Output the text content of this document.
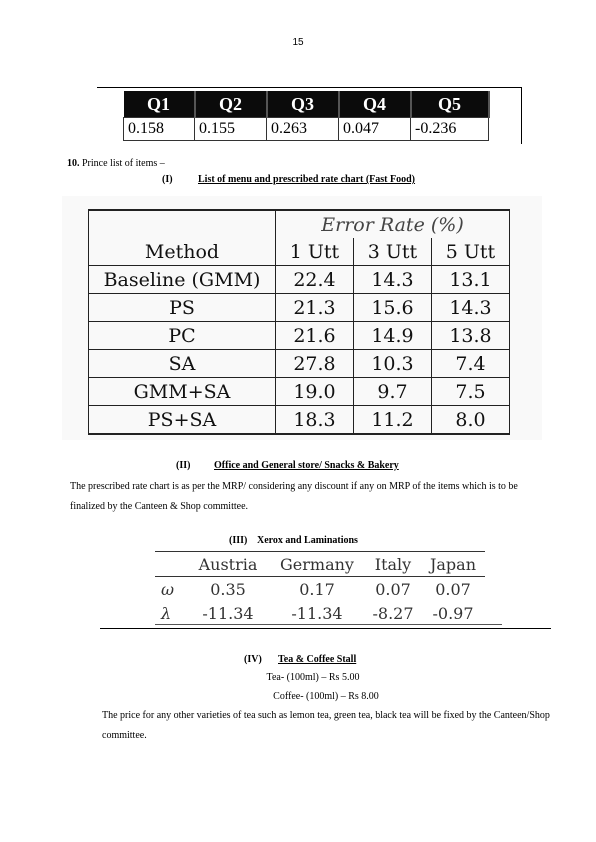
15
Q1	Q2	Q3	Q4	Q5
0.158	0.155	0.263	0.047	-0.236
10. Prince list of items –
(I)	List of menu and prescribed rate chart (Fast Food)
	Error Rate (%)		
Method	1 Utt	3 Utt	5 Utt
Baseline (GMM)	22.4	14.3	13.1
PS	21.3	15.6	14.3
PC	21.6	14.9	13.8
SA	27.8	10.3	7.4
GMM+SA	19.0	9.7	7.5
PS+SA	18.3	11.2	8.0
(II) Office and General store/ Snacks & Bakery
The prescribed rate chart is as per the MRP/ considering any discount if any on MRP of the items which is to be finalized by the Canteen & Shop committee.
(III) Xerox and Laminations
	Austria	Germany	Italy	Japan
ω	0.35	0.17	0.07	0.07
λ	-11.34	-11.34	-8.27	-0.97
(IV) Tea & Coffee Stall
Tea- (100ml) – Rs 5.00
Coffee- (100ml) – Rs 8.00
The price for any other varieties of tea such as lemon tea, green tea, black tea will be fixed by the Canteen/Shop committee.
